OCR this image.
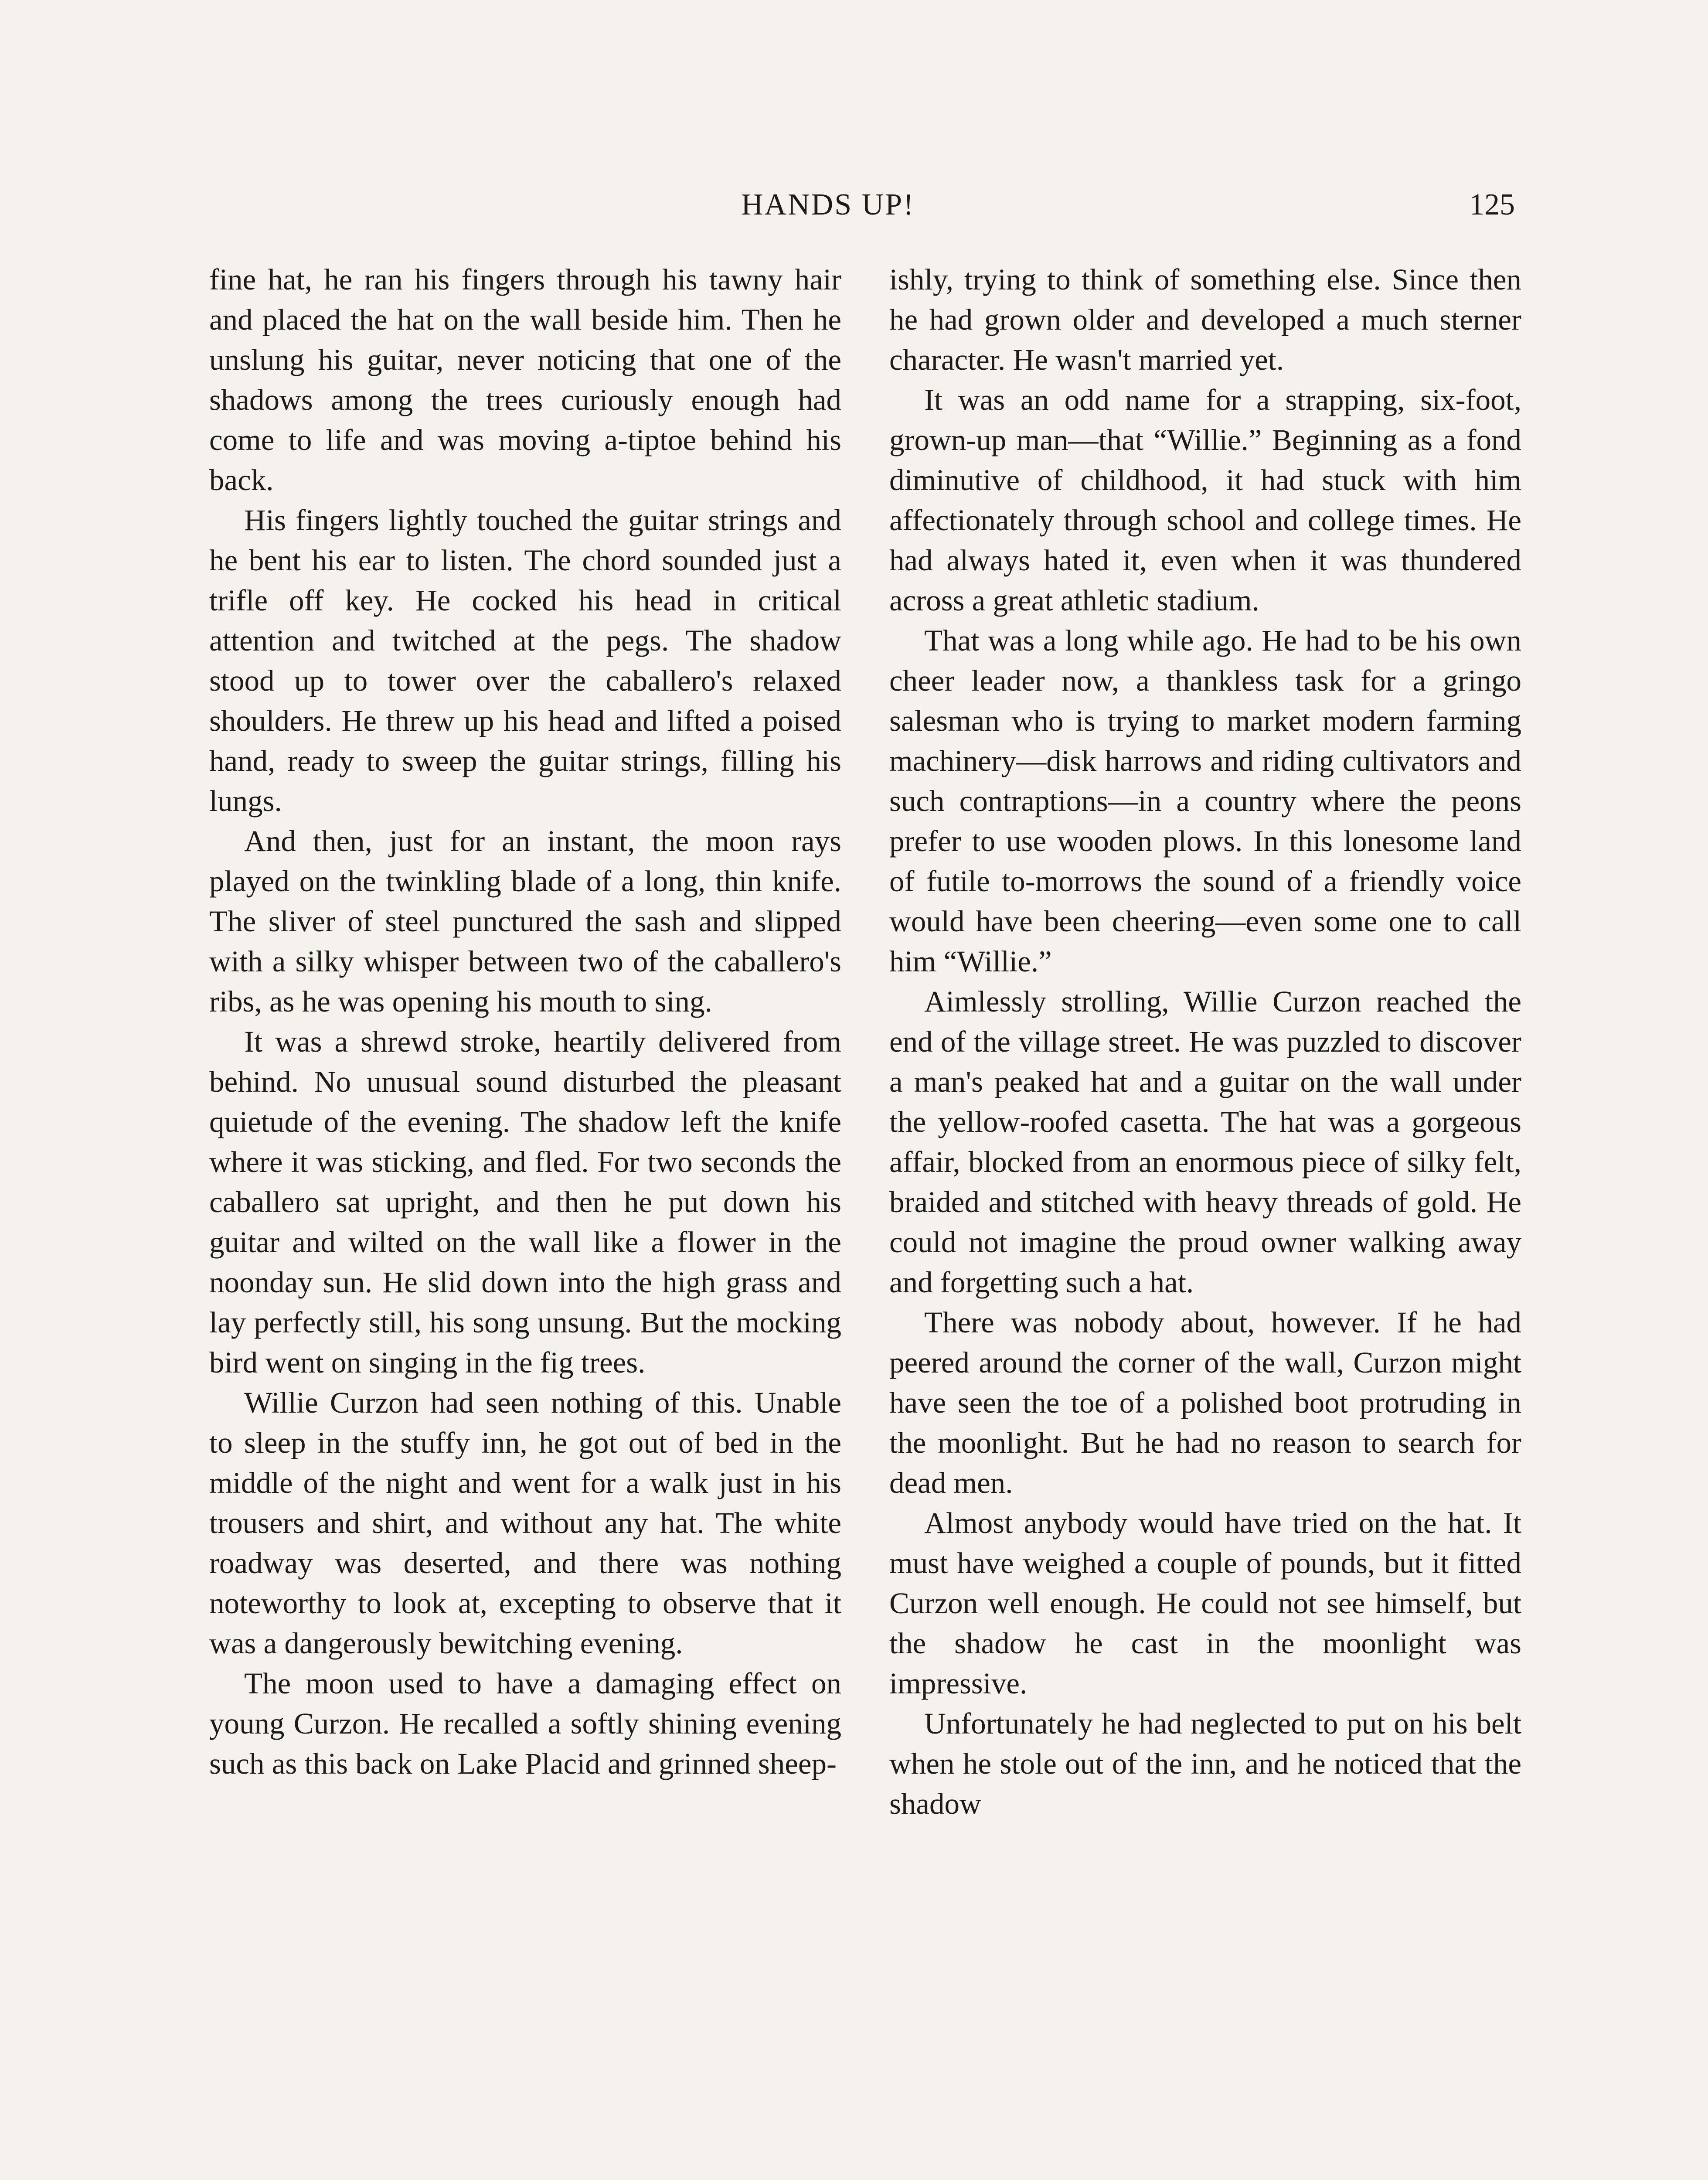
HANDS UP!	125

fine hat, he ran his fingers through his tawny hair and placed the hat on the wall beside him. Then he unslung his guitar, never noticing that one of the shadows among the trees curiously enough had come to life and was moving a-tiptoe behind his back.

His fingers lightly touched the guitar strings and he bent his ear to listen. The chord sounded just a trifle off key. He cocked his head in critical attention and twitched at the pegs. The shadow stood up to tower over the caballero's relaxed shoulders. He threw up his head and lifted a poised hand, ready to sweep the guitar strings, filling his lungs.

And then, just for an instant, the moon rays played on the twinkling blade of a long, thin knife. The sliver of steel punctured the sash and slipped with a silky whisper between two of the caballero's ribs, as he was opening his mouth to sing.

It was a shrewd stroke, heartily delivered from behind. No unusual sound disturbed the pleasant quietude of the evening. The shadow left the knife where it was sticking, and fled. For two seconds the caballero sat upright, and then he put down his guitar and wilted on the wall like a flower in the noonday sun. He slid down into the high grass and lay perfectly still, his song unsung. But the mocking bird went on singing in the fig trees.

Willie Curzon had seen nothing of this. Unable to sleep in the stuffy inn, he got out of bed in the middle of the night and went for a walk just in his trousers and shirt, and without any hat. The white roadway was deserted, and there was nothing noteworthy to look at, excepting to observe that it was a dangerously bewitching evening.

The moon used to have a damaging effect on young Curzon. He recalled a softly shining evening such as this back on Lake Placid and grinned sheep-

ishly, trying to think of something else. Since then he had grown older and developed a much sterner character. He wasn't married yet.

It was an odd name for a strapping, six-foot, grown-up man—that “Willie.” Beginning as a fond diminutive of childhood, it had stuck with him affectionately through school and college times. He had always hated it, even when it was thundered across a great athletic stadium.

That was a long while ago. He had to be his own cheer leader now, a thankless task for a gringo salesman who is trying to market modern farming machinery—disk harrows and riding cultivators and such contraptions—in a country where the peons prefer to use wooden plows. In this lonesome land of futile to-morrows the sound of a friendly voice would have been cheering—even some one to call him “Willie.”

Aimlessly strolling, Willie Curzon reached the end of the village street. He was puzzled to discover a man's peaked hat and a guitar on the wall under the yellow-roofed casetta. The hat was a gorgeous affair, blocked from an enormous piece of silky felt, braided and stitched with heavy threads of gold. He could not imagine the proud owner walking away and forgetting such a hat.

There was nobody about, however. If he had peered around the corner of the wall, Curzon might have seen the toe of a polished boot protruding in the moonlight. But he had no reason to search for dead men.

Almost anybody would have tried on the hat. It must have weighed a couple of pounds, but it fitted Curzon well enough. He could not see himself, but the shadow he cast in the moonlight was impressive.

Unfortunately he had neglected to put on his belt when he stole out of the inn, and he noticed that the shadow
